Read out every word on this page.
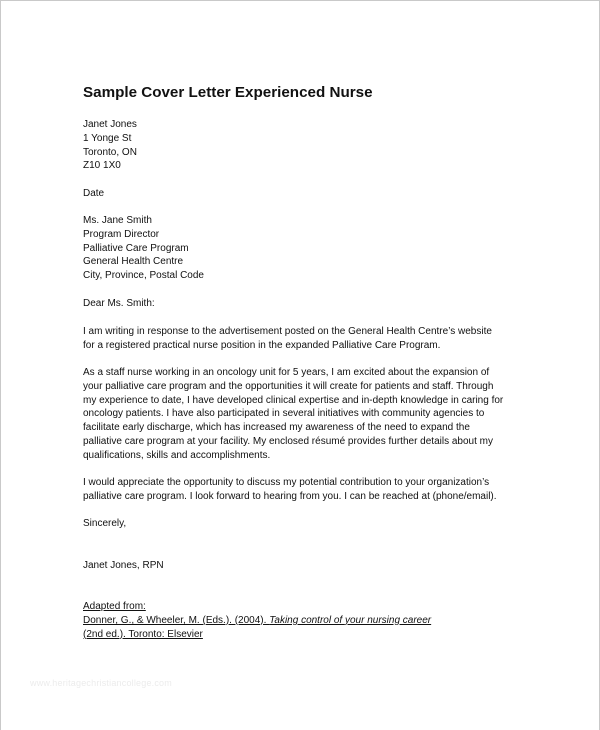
Sample Cover Letter Experienced Nurse
Janet Jones
1 Yonge St
Toronto, ON
Z10 1X0
Date
Ms. Jane Smith
Program Director
Palliative Care Program
General Health Centre
City, Province, Postal Code
Dear Ms. Smith:
I am writing in response to the advertisement posted on the General Health Centre’s website
for a registered practical nurse position in the expanded Palliative Care Program.
As a staff nurse working in an oncology unit for 5 years, I am excited about the expansion of
your palliative care program and the opportunities it will create for patients and staff. Through
my experience to date, I have developed clinical expertise and in-depth knowledge in caring for
oncology patients. I have also participated in several initiatives with community agencies to
facilitate early discharge, which has increased my awareness of the need to expand the
palliative care program at your facility. My enclosed résumé provides further details about my
qualifications, skills and accomplishments.
I would appreciate the opportunity to discuss my potential contribution to your organization’s
palliative care program. I look forward to hearing from you. I can be reached at (phone/email).
Sincerely,
Janet Jones, RPN
Adapted from:
Donner, G., & Wheeler, M. (Eds.). (2004). Taking control of your nursing career
(2nd ed.). Toronto: Elsevier
www.heritagechristiancollege.com
